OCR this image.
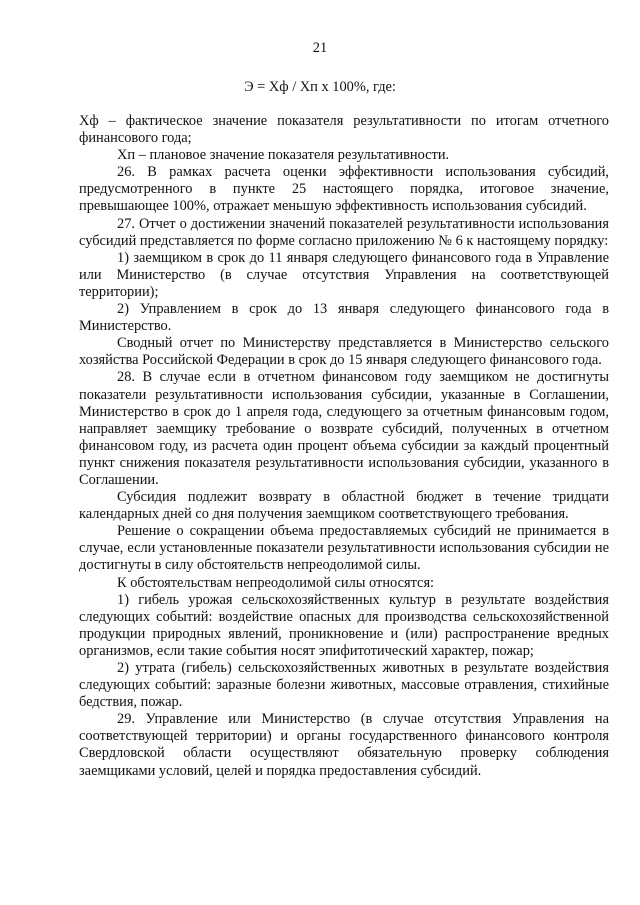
21
Э = Хф / Хп х 100%, где:

Хф – фактическое значение показателя результативности по итогам отчетного финансового года;

Хп – плановое значение показателя результативности.

26. В рамках расчета оценки эффективности использования субсидий, предусмотренного в пункте 25 настоящего порядка, итоговое значение, превышающее 100%, отражает меньшую эффективность использования субсидий.

27. Отчет о достижении значений показателей результативности использования субсидий представляется по форме согласно приложению № 6 к настоящему порядку:

1) заемщиком в срок до 11 января следующего финансового года в Управление или Министерство (в случае отсутствия Управления на соответствующей территории);

2) Управлением в срок до 13 января следующего финансового года в Министерство.

Сводный отчет по Министерству представляется в Министерство сельского хозяйства Российской Федерации в срок до 15 января следующего финансового года.

28. В случае если в отчетном финансовом году заемщиком не достигнуты показатели результативности использования субсидии, указанные в Соглашении, Министерство в срок до 1 апреля года, следующего за отчетным финансовым годом, направляет заемщику требование о возврате субсидий, полученных в отчетном финансовом году, из расчета один процент объема субсидии за каждый процентный пункт снижения показателя результативности использования субсидии, указанного в Соглашении.

Субсидия подлежит возврату в областной бюджет в течение тридцати календарных дней со дня получения заемщиком соответствующего требования.

Решение о сокращении объема предоставляемых субсидий не принимается в случае, если установленные показатели результативности использования субсидии не достигнуты в силу обстоятельств непреодолимой силы.

К обстоятельствам непреодолимой силы относятся:

1) гибель урожая сельскохозяйственных культур в результате воздействия следующих событий: воздействие опасных для производства сельскохозяйственной продукции природных явлений, проникновение и (или) распространение вредных организмов, если такие события носят эпифитотический характер, пожар;

2) утрата (гибель) сельскохозяйственных животных в результате воздействия следующих событий: заразные болезни животных, массовые отравления, стихийные бедствия, пожар.

29. Управление или Министерство (в случае отсутствия Управления на соответствующей территории) и органы государственного финансового контроля Свердловской области осуществляют обязательную проверку соблюдения заемщиками условий, целей и порядка предоставления субсидий.
